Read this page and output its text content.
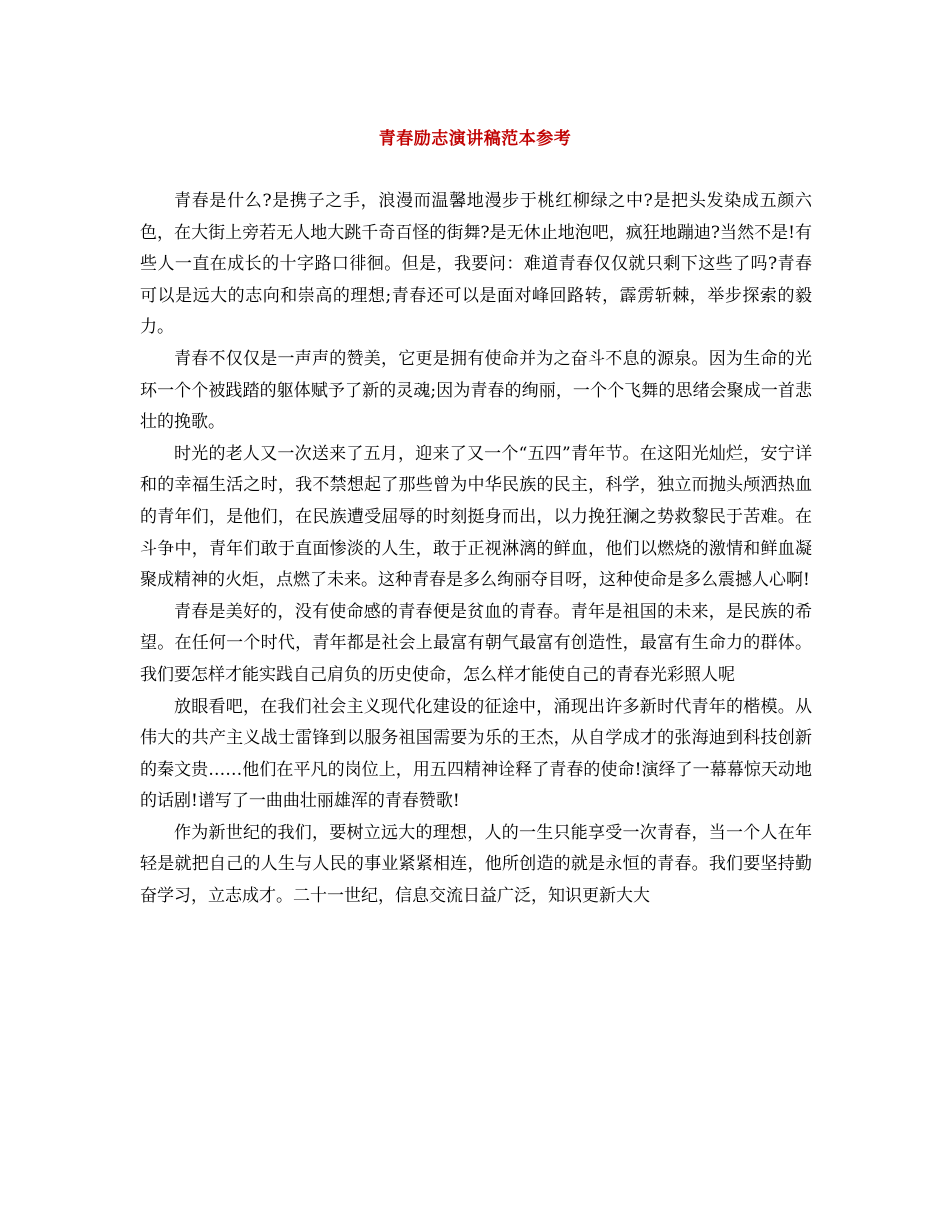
青春励志演讲稿范本参考

青春是什么?是携子之手，浪漫而温馨地漫步于桃红柳绿之中?是把头发染成五颜六色，在大街上旁若无人地大跳千奇百怪的街舞?是无休止地泡吧，疯狂地蹦迪?当然不是!有些人一直在成长的十字路口徘徊。但是，我要问：难道青春仅仅就只剩下这些了吗?青春可以是远大的志向和崇高的理想;青春还可以是面对峰回路转，霹雳斩棘，举步探索的毅力。

青春不仅仅是一声声的赞美，它更是拥有使命并为之奋斗不息的源泉。因为生命的光环一个个被践踏的躯体赋予了新的灵魂;因为青春的绚丽，一个个飞舞的思绪会聚成一首悲壮的挽歌。

时光的老人又一次送来了五月，迎来了又一个“五四”青年节。在这阳光灿烂，安宁详和的幸福生活之时，我不禁想起了那些曾为中华民族的民主，科学，独立而抛头颅洒热血的青年们，是他们，在民族遭受屈辱的时刻挺身而出，以力挽狂澜之势救黎民于苦难。在斗争中，青年们敢于直面惨淡的人生，敢于正视淋漓的鲜血，他们以燃烧的激情和鲜血凝聚成精神的火炬，点燃了未来。这种青春是多么绚丽夺目呀，这种使命是多么震撼人心啊!

青春是美好的，没有使命感的青春便是贫血的青春。青年是祖国的未来，是民族的希望。在任何一个时代，青年都是社会上最富有朝气最富有创造性，最富有生命力的群体。我们要怎样才能实践自己肩负的历史使命，怎么样才能使自己的青春光彩照人呢

放眼看吧，在我们社会主义现代化建设的征途中，涌现出许多新时代青年的楷模。从伟大的共产主义战士雷锋到以服务祖国需要为乐的王杰，从自学成才的张海迪到科技创新的秦文贵……他们在平凡的岗位上，用五四精神诠释了青春的使命!演绎了一幕幕惊天动地的话剧!谱写了一曲曲壮丽雄浑的青春赞歌!

作为新世纪的我们，要树立远大的理想，人的一生只能享受一次青春，当一个人在年轻是就把自己的人生与人民的事业紧紧相连，他所创造的就是永恒的青春。我们要坚持勤奋学习，立志成才。二十一世纪，信息交流日益广泛，知识更新大大
